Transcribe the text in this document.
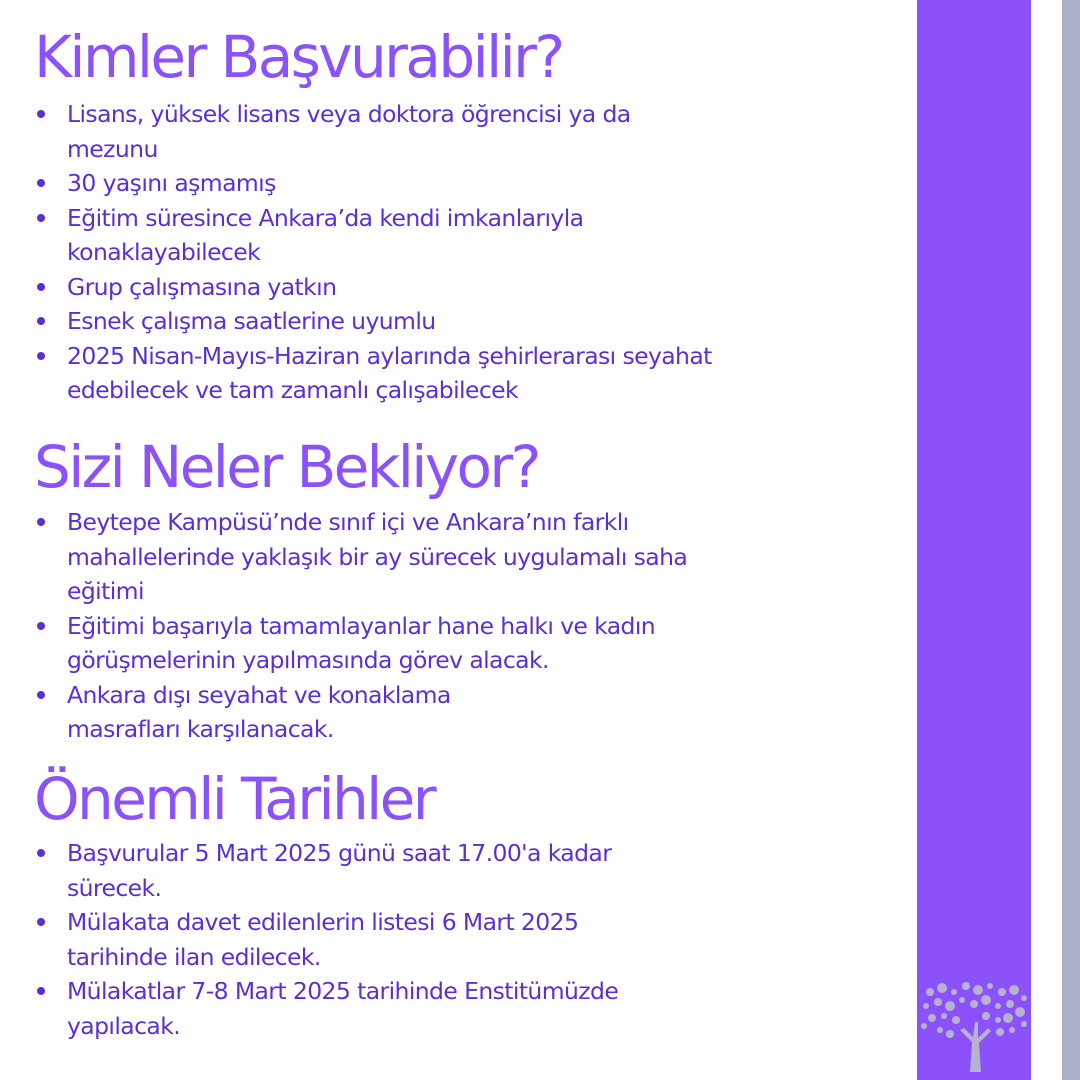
Kimler Başvurabilir?
Lisans, yüksek lisans veya doktora öğrencisi ya da mezunu
30 yaşını aşmamış
Eğitim süresince Ankara’da kendi imkanlarıyla konaklayabilecek
Grup çalışmasına yatkın
Esnek çalışma saatlerine uyumlu
2025 Nisan-Mayıs-Haziran aylarında şehirlerarası seyahat edebilecek ve tam zamanlı çalışabilecek
Sizi Neler Bekliyor?
Beytepe Kampüsü’nde sınıf içi ve Ankara’nın farklı mahallelerinde yaklaşık bir ay sürecek uygulamalı saha eğitimi
Eğitimi başarıyla tamamlayanlar hane halkı ve kadın görüşmelerinin yapılmasında görev alacak.
Ankara dışı seyahat ve konaklama masrafları karşılanacak.
Önemli Tarihler
Başvurular 5 Mart 2025 günü saat 17.00'a kadar sürecek.
Mülakata davet edilenlerin listesi 6 Mart 2025 tarihinde ilan edilecek.
Mülakatlar 7-8 Mart 2025 tarihinde Enstitümüzde yapılacak.
